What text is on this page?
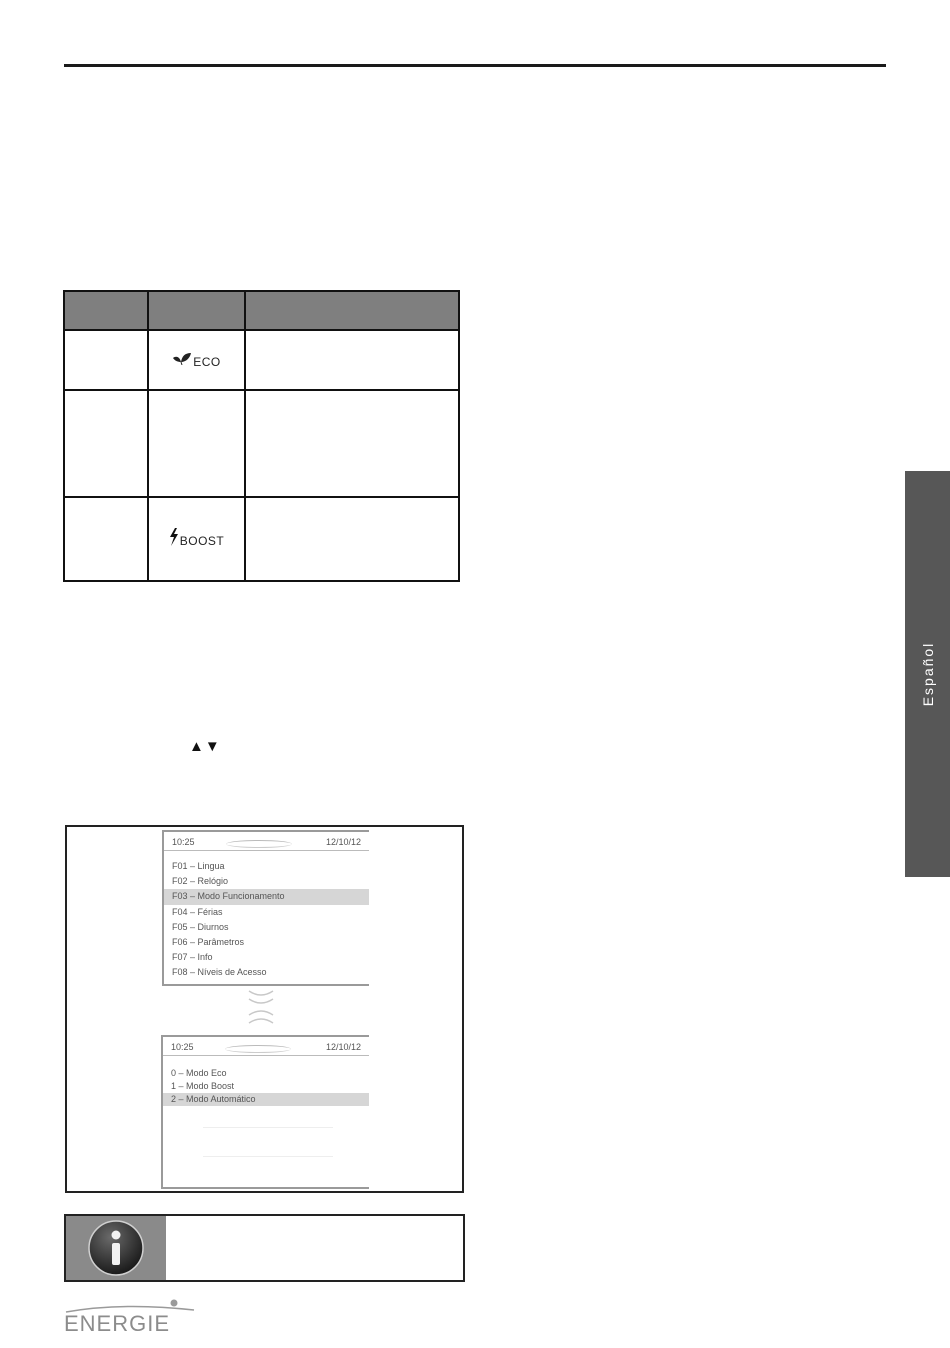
	ECO	

	BOOST	

▲▼
10:25	12/10/12
F01 – Lingua
F02 – Relógio
F03 – Modo Funcionamento
F04 – Férias
F05 – Diurnos
F06 – Parâmetros
F07 – Info
F08 – Níveis de Acesso
10:25	12/10/12
0 – Modo Eco
1 – Modo Boost
2 – Modo Automático
Español
ENERGIE
